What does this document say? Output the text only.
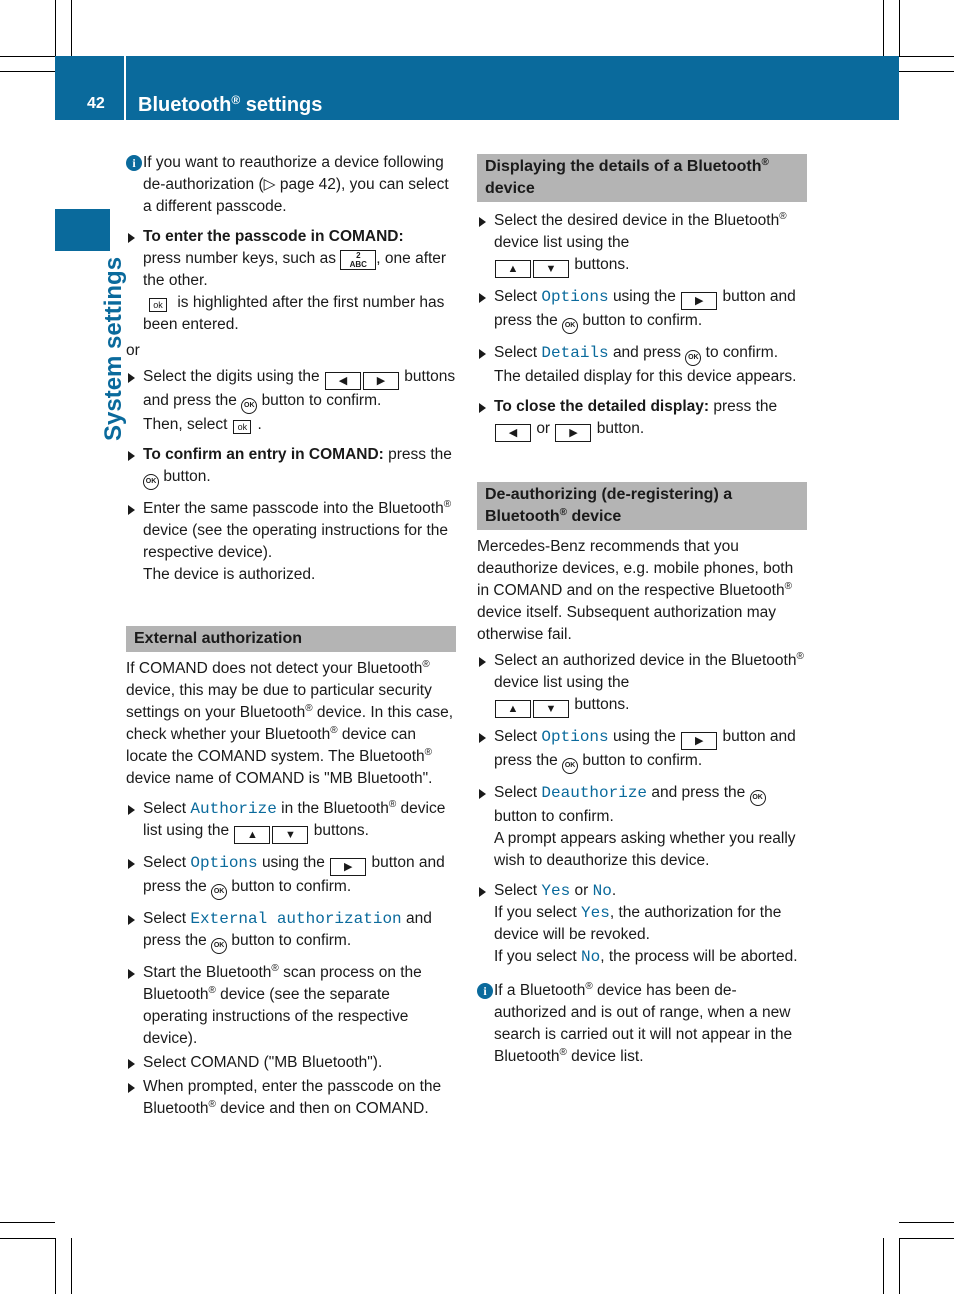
42 Bluetooth® settings
System settings
i If you want to reauthorize a device following de-authorization (▷ page 42), you can select a different passcode.

To enter the passcode in COMAND:
press number keys, such as	2
ABC , one after the other.
ok is highlighted after the first number has been entered.

or

Select the digits using the ◀	▶ buttons and press the OK button to confirm.
Then, select ok .

To confirm an entry in COMAND: press the OK button.

Enter the same passcode into the Bluetooth® device (see the operating instructions for the respective device).
The device is authorized.

External authorization

If COMAND does not detect your Bluetooth® device, this may be due to particular security settings on your Bluetooth® device. In this case, check whether your Bluetooth® device can locate the COMAND system. The Bluetooth® device name of COMAND is "MB Bluetooth".

Select Authorize in the Bluetooth® device list using the ▲ ▼ buttons.

Select Options using the ▶ button and press the OK button to confirm.

Select External authorization and press the OK button to confirm.

Start the Bluetooth® scan process on the Bluetooth® device (see the separate operating instructions of the respective device).

Select COMAND ("MB Bluetooth").

When prompted, enter the passcode on the Bluetooth® device and then on COMAND.

Displaying the details of a Bluetooth® device

Select the desired device in the Bluetooth® device list using the
▲ ▼ buttons.

Select Options using the ▶ button and press the OK button to confirm.

Select Details and press OK to confirm.
The detailed display for this device appears.

To close the detailed display: press the
◀ or ▶ button.

De-authorizing (de-registering) a Bluetooth® device

Mercedes-Benz recommends that you deauthorize devices, e.g. mobile phones, both in COMAND and on the respective Bluetooth® device itself. Subsequent authorization may otherwise fail.

Select an authorized device in the Bluetooth® device list using the
▲ ▼ buttons.

Select Options using the ▶ button and press the OK button to confirm.

Select Deauthorize and press the OK
button to confirm.
A prompt appears asking whether you really wish to deauthorize this device.

Select Yes or No.
If you select Yes, the authorization for the device will be revoked.
If you select No, the process will be aborted.

i If a Bluetooth® device has been de-authorized and is out of range, when a new search is carried out it will not appear in the Bluetooth® device list.
